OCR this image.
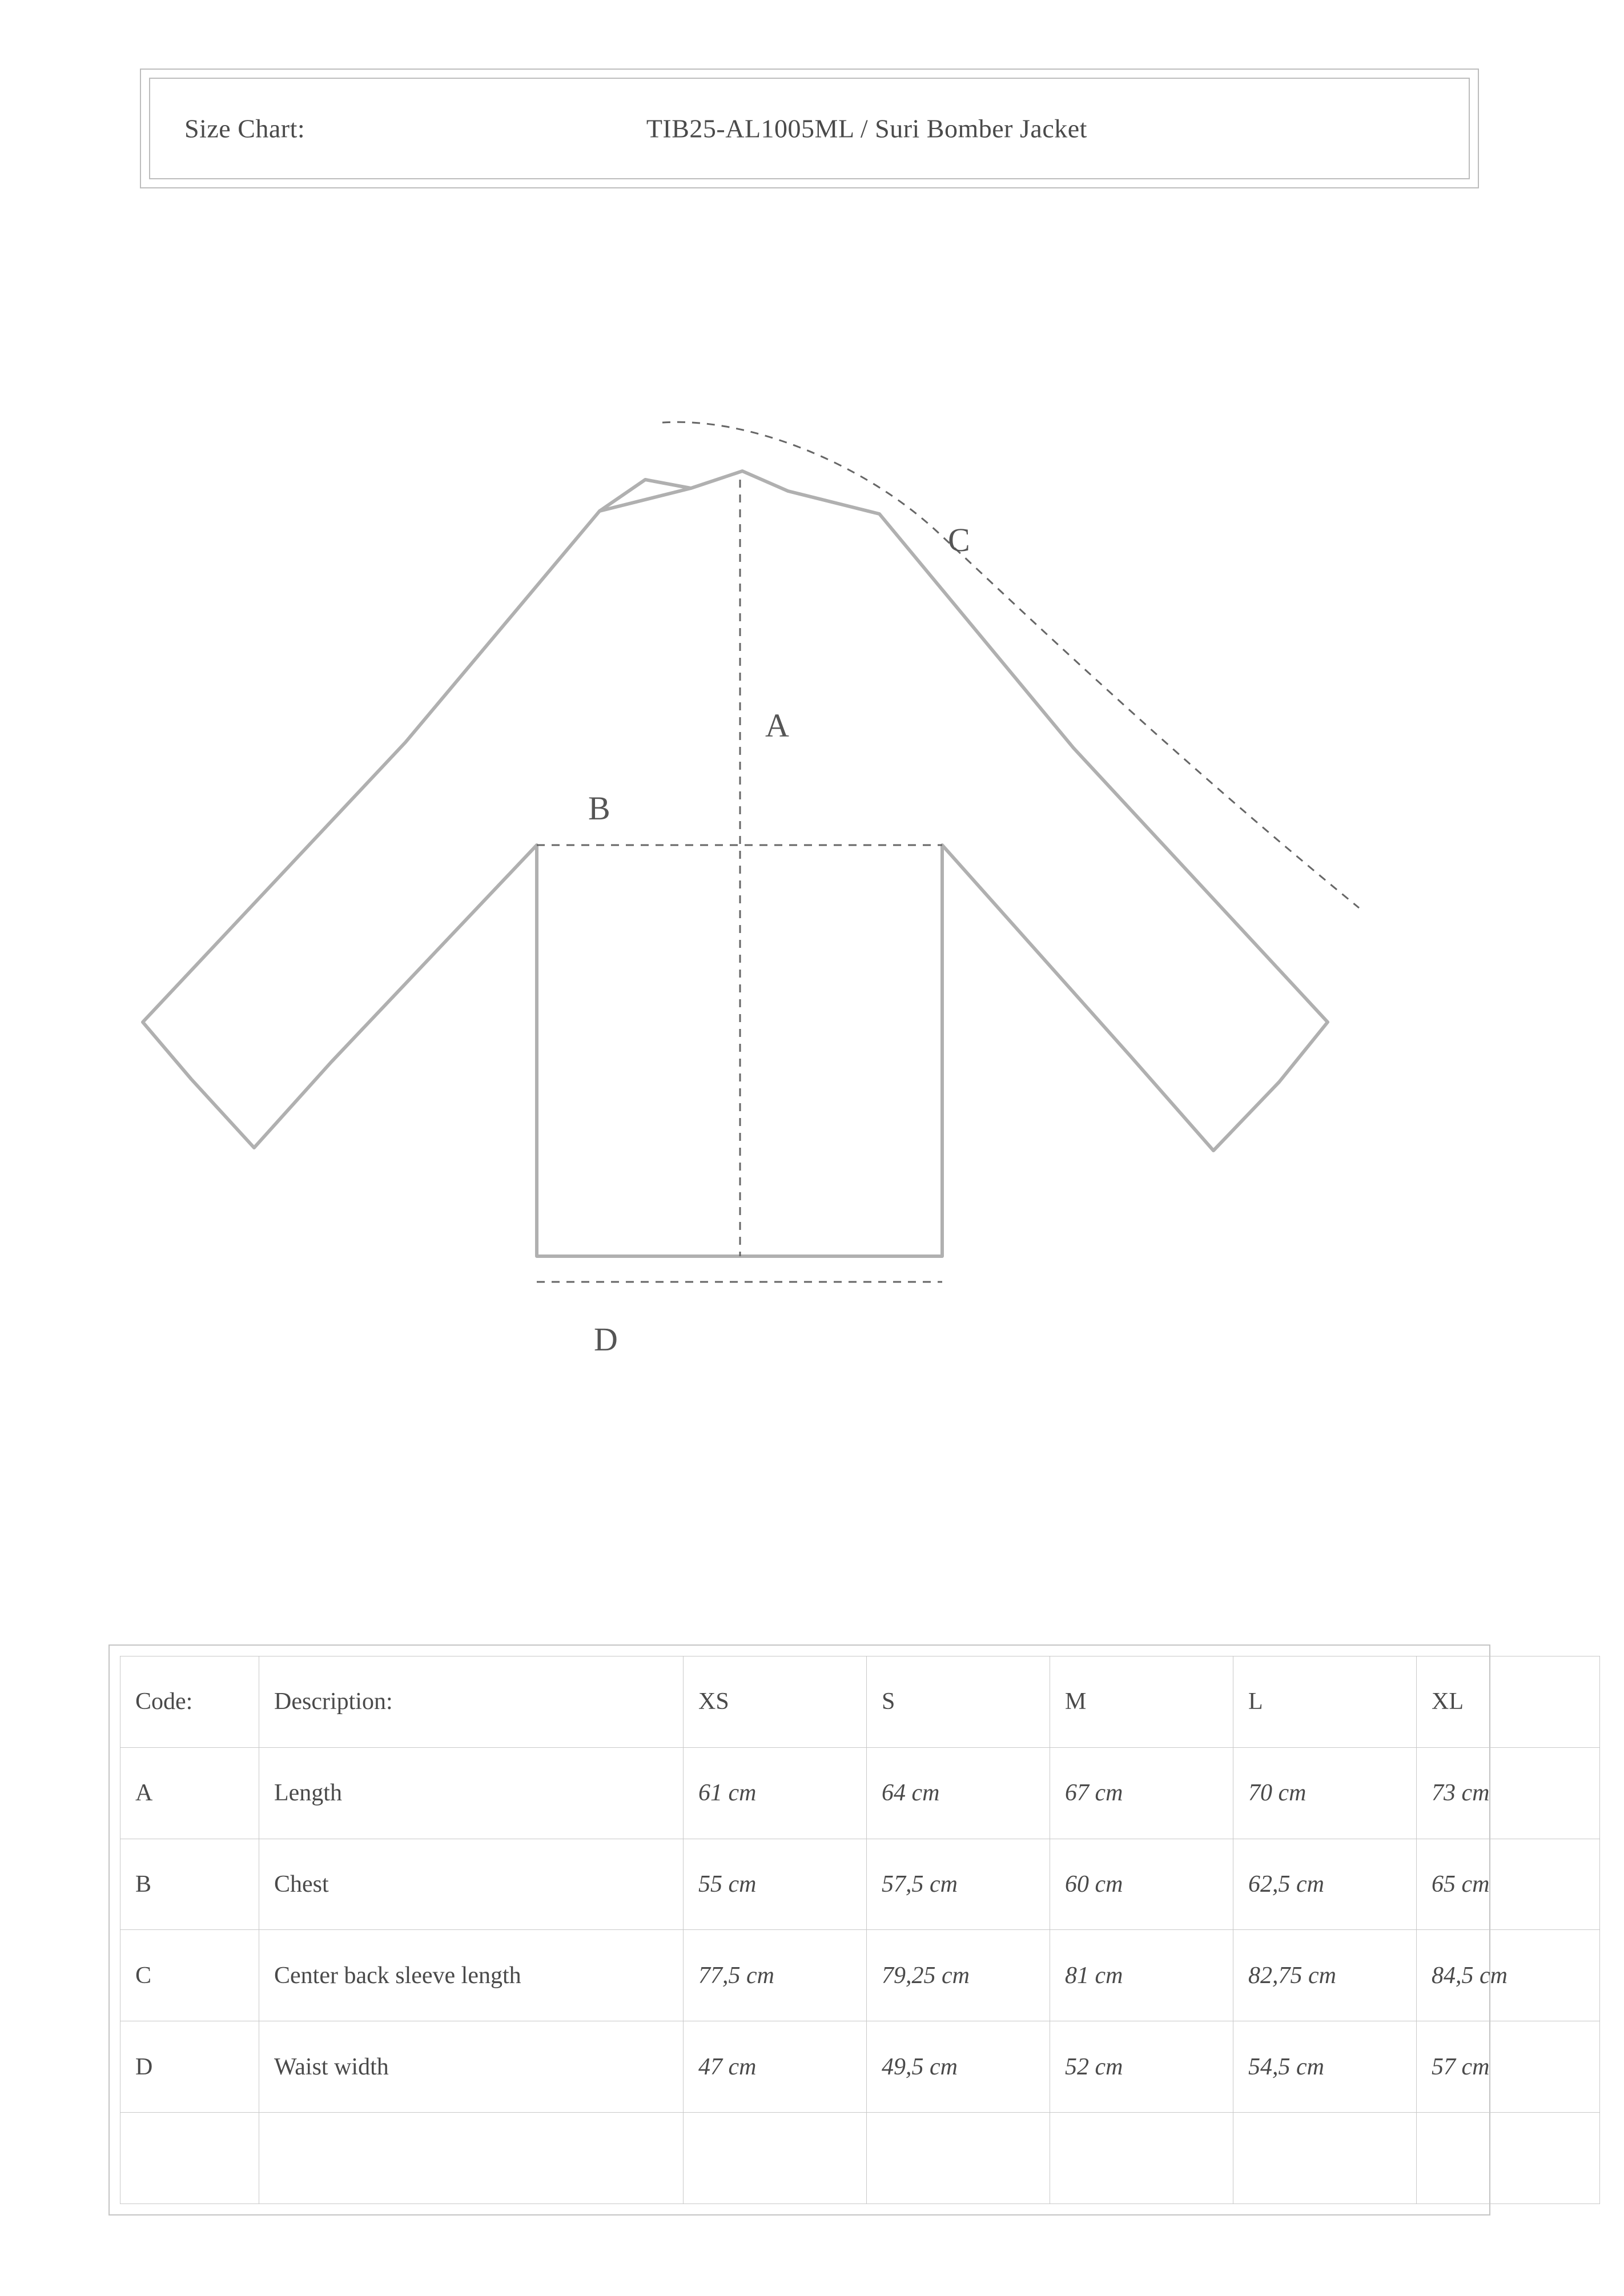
Size Chart:	TIB25-AL1005ML / Suri Bomber Jacket
A
B
C
D
Code:	Description:	XS	S	M	L	XL
A	Length	61 cm	64 cm	67 cm	70 cm	73 cm
B	Chest	55 cm	57,5 cm	60 cm	62,5 cm	65 cm
C	Center back sleeve length	77,5 cm	79,25 cm	81 cm	82,75 cm	84,5 cm
D	Waist width	47 cm	49,5 cm	52 cm	54,5 cm	57 cm
